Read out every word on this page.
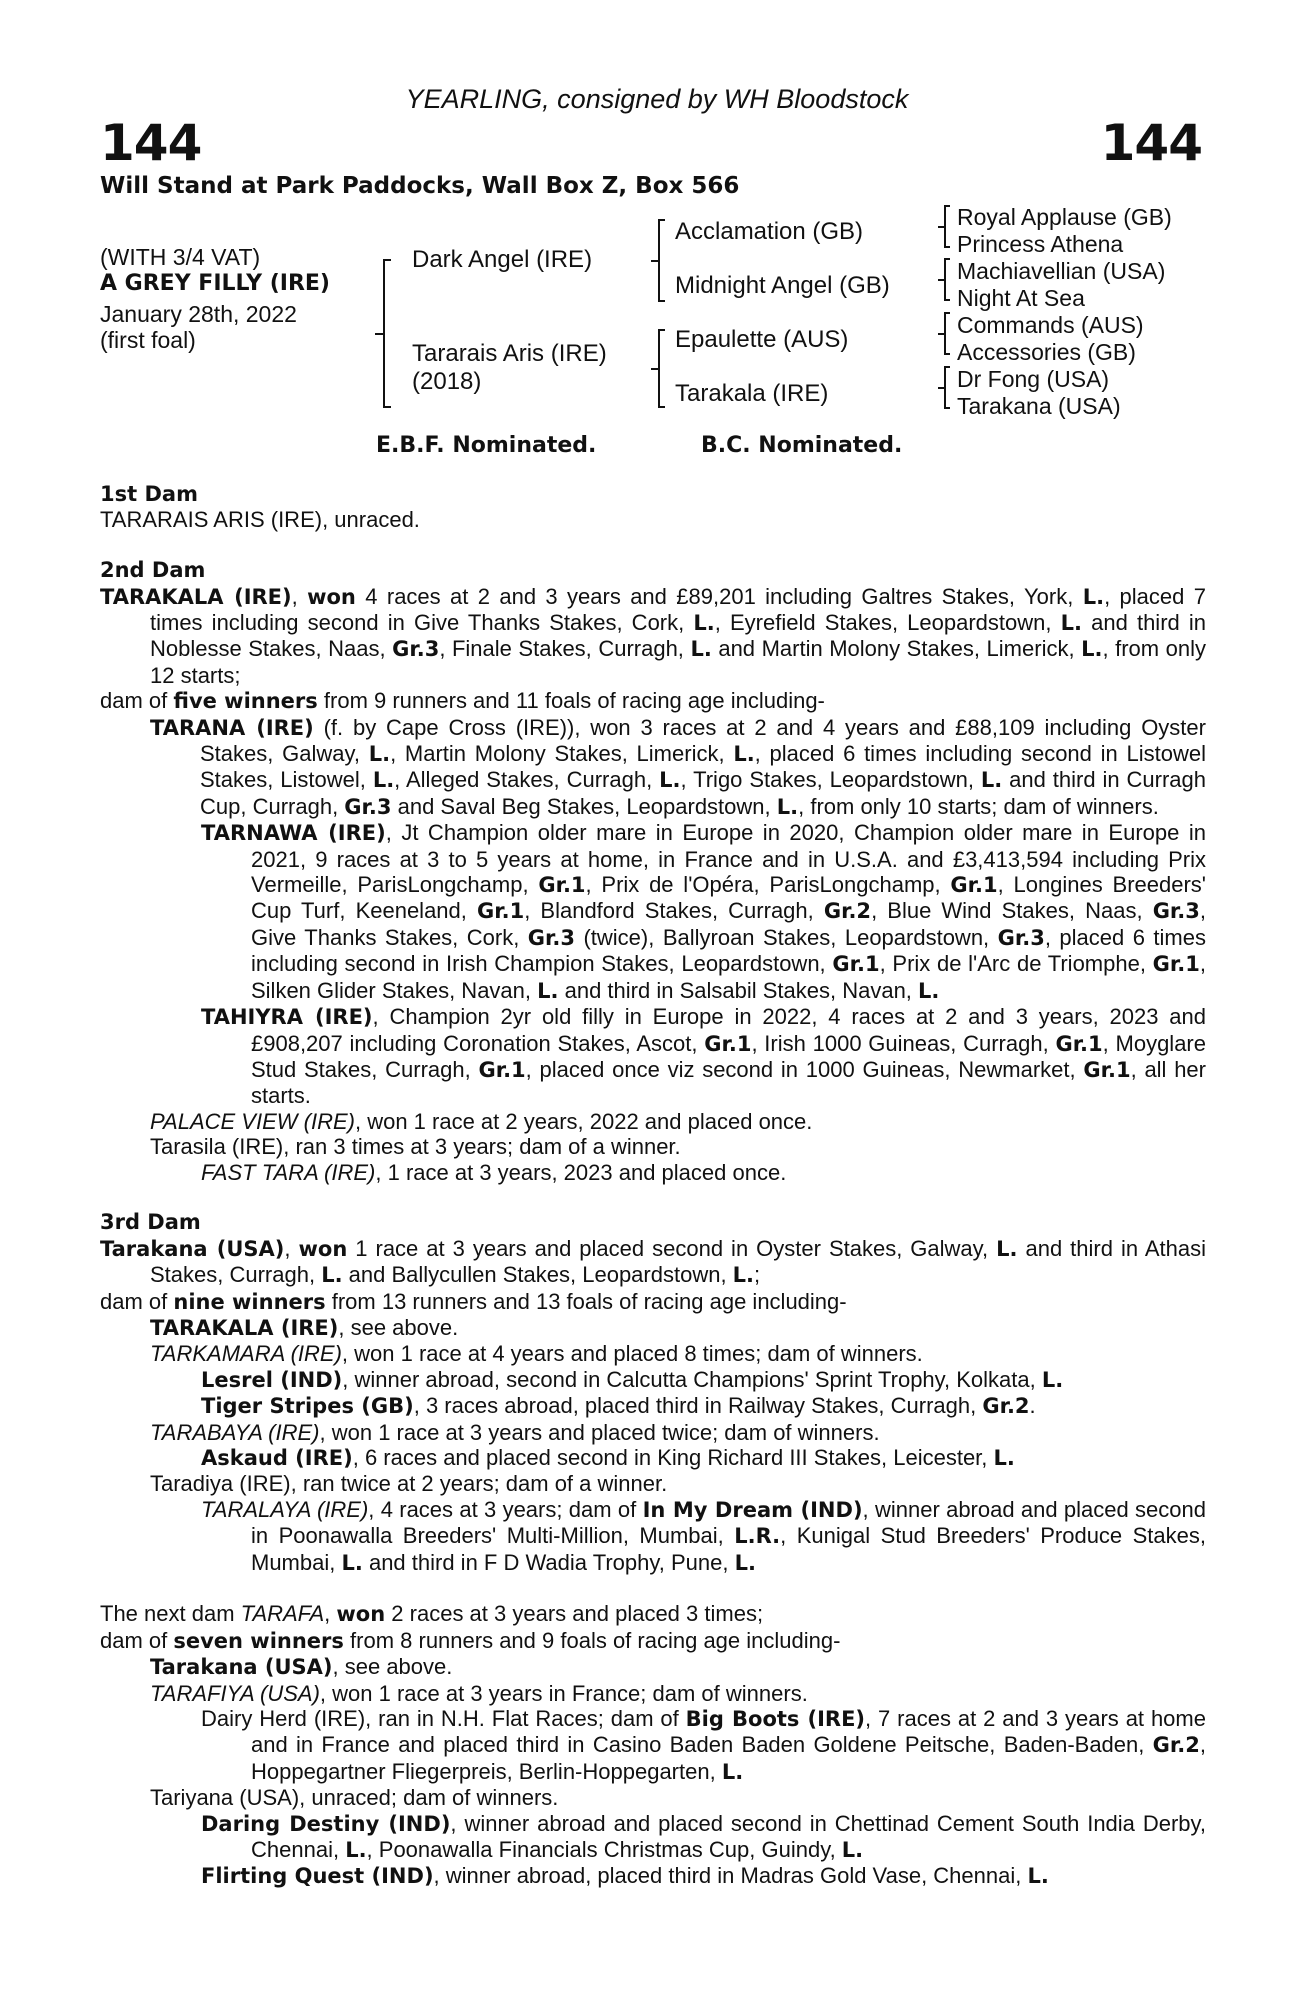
YEARLING, consigned by WH Bloodstock
144	144
Will Stand at Park Paddocks, Wall Box Z, Box 566
(WITH 3/4 VAT)
A GREY FILLY (IRE)
January 28th, 2022
(first foal)
Dark Angel (IRE)
Tararais Aris (IRE)
(2018)
Acclamation (GB)
Midnight Angel (GB)
Epaulette (AUS)
Tarakala (IRE)
Royal Applause (GB)
Princess Athena
Machiavellian (USA)
Night At Sea
Commands (AUS)
Accessories (GB)
Dr Fong (USA)
Tarakana (USA)
E.B.F. Nominated.	B.C. Nominated.
1st Dam

TARARAIS ARIS (IRE), unraced.

2nd Dam

TARAKALA (IRE), won 4 races at 2 and 3 years and £89,201 including Galtres Stakes, York, L., placed 7 times including second in Give Thanks Stakes, Cork, L., Eyrefield Stakes, Leopardstown, L. and third in Noblesse Stakes, Naas, Gr.3, Finale Stakes, Curragh, L. and Martin Molony Stakes, Limerick, L., from only 12 starts;

dam of five winners from 9 runners and 11 foals of racing age including-

TARANA (IRE) (f. by Cape Cross (IRE)), won 3 races at 2 and 4 years and £88,109 including Oyster Stakes, Galway, L., Martin Molony Stakes, Limerick, L., placed 6 times including second in Listowel Stakes, Listowel, L., Alleged Stakes, Curragh, L., Trigo Stakes, Leopardstown, L. and third in Curragh Cup, Curragh, Gr.3 and Saval Beg Stakes, Leopardstown, L., from only 10 starts; dam of winners.

TARNAWA (IRE), Jt Champion older mare in Europe in 2020, Champion older mare in Europe in 2021, 9 races at 3 to 5 years at home, in France and in U.S.A. and £3,413,594 including Prix Vermeille, ParisLongchamp, Gr.1, Prix de l'Opéra, ParisLongchamp, Gr.1, Longines Breeders' Cup Turf, Keeneland, Gr.1, Blandford Stakes, Curragh, Gr.2, Blue Wind Stakes, Naas, Gr.3, Give Thanks Stakes, Cork, Gr.3 (twice), Ballyroan Stakes, Leopardstown, Gr.3, placed 6 times including second in Irish Champion Stakes, Leopardstown, Gr.1, Prix de l'Arc de Triomphe, Gr.1, Silken Glider Stakes, Navan, L. and third in Salsabil Stakes, Navan, L.

TAHIYRA (IRE), Champion 2yr old filly in Europe in 2022, 4 races at 2 and 3 years, 2023 and £908,207 including Coronation Stakes, Ascot, Gr.1, Irish 1000 Guineas, Curragh, Gr.1, Moyglare Stud Stakes, Curragh, Gr.1, placed once viz second in 1000 Guineas, Newmarket, Gr.1, all her starts.

PALACE VIEW (IRE), won 1 race at 2 years, 2022 and placed once.

Tarasila (IRE), ran 3 times at 3 years; dam of a winner.

FAST TARA (IRE), 1 race at 3 years, 2023 and placed once.

3rd Dam

Tarakana (USA), won 1 race at 3 years and placed second in Oyster Stakes, Galway, L. and third in Athasi Stakes, Curragh, L. and Ballycullen Stakes, Leopardstown, L.;

dam of nine winners from 13 runners and 13 foals of racing age including-

TARAKALA (IRE), see above.

TARKAMARA (IRE), won 1 race at 4 years and placed 8 times; dam of winners.

Lesrel (IND), winner abroad, second in Calcutta Champions' Sprint Trophy, Kolkata, L.

Tiger Stripes (GB), 3 races abroad, placed third in Railway Stakes, Curragh, Gr.2.

TARABAYA (IRE), won 1 race at 3 years and placed twice; dam of winners.

Askaud (IRE), 6 races and placed second in King Richard III Stakes, Leicester, L.

Taradiya (IRE), ran twice at 2 years; dam of a winner.

TARALAYA (IRE), 4 races at 3 years; dam of In My Dream (IND), winner abroad and placed second in Poonawalla Breeders' Multi-Million, Mumbai, L.R., Kunigal Stud Breeders' Produce Stakes, Mumbai, L. and third in F D Wadia Trophy, Pune, L.

The next dam TARAFA, won 2 races at 3 years and placed 3 times;

dam of seven winners from 8 runners and 9 foals of racing age including-

Tarakana (USA), see above.

TARAFIYA (USA), won 1 race at 3 years in France; dam of winners.

Dairy Herd (IRE), ran in N.H. Flat Races; dam of Big Boots (IRE), 7 races at 2 and 3 years at home and in France and placed third in Casino Baden Baden Goldene Peitsche, Baden-Baden, Gr.2, Hoppegartner Fliegerpreis, Berlin-Hoppegarten, L.

Tariyana (USA), unraced; dam of winners.

Daring Destiny (IND), winner abroad and placed second in Chettinad Cement South India Derby, Chennai, L., Poonawalla Financials Christmas Cup, Guindy, L.

Flirting Quest (IND), winner abroad, placed third in Madras Gold Vase, Chennai, L.
